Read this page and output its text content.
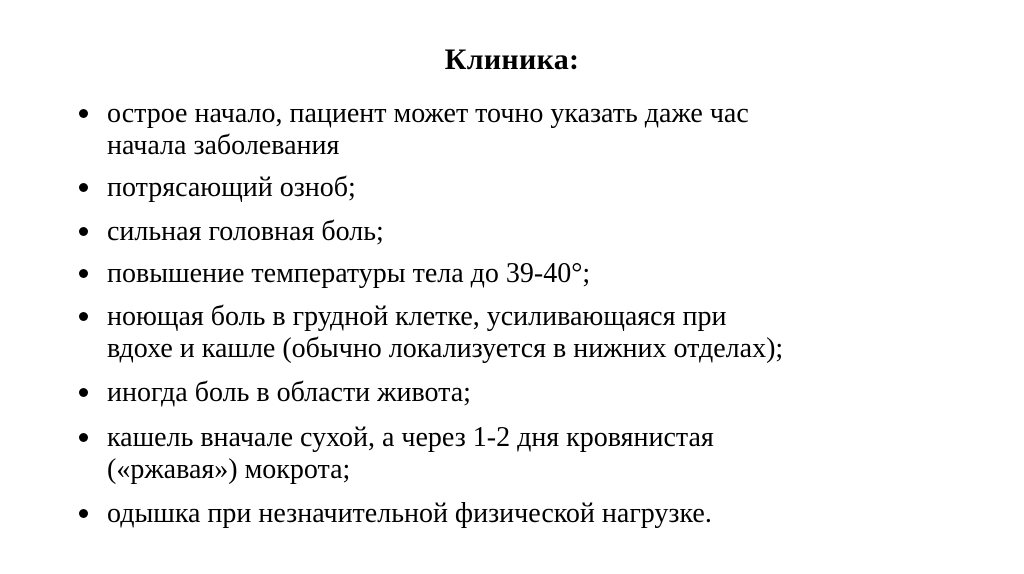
Клиника:
острое начало, пациент может точно указать даже час
начала заболевания
потрясающий озноб;
сильная головная боль;
повышение температуры тела до 39-40°;
ноющая боль в грудной клетке, усиливающаяся при
вдохе и кашле (обычно локализуется в нижних отделах);
иногда боль в области живота;
кашель вначале сухой, а через 1-2 дня кровянистая
(«ржавая») мокрота;
одышка при незначительной физической нагрузке.
